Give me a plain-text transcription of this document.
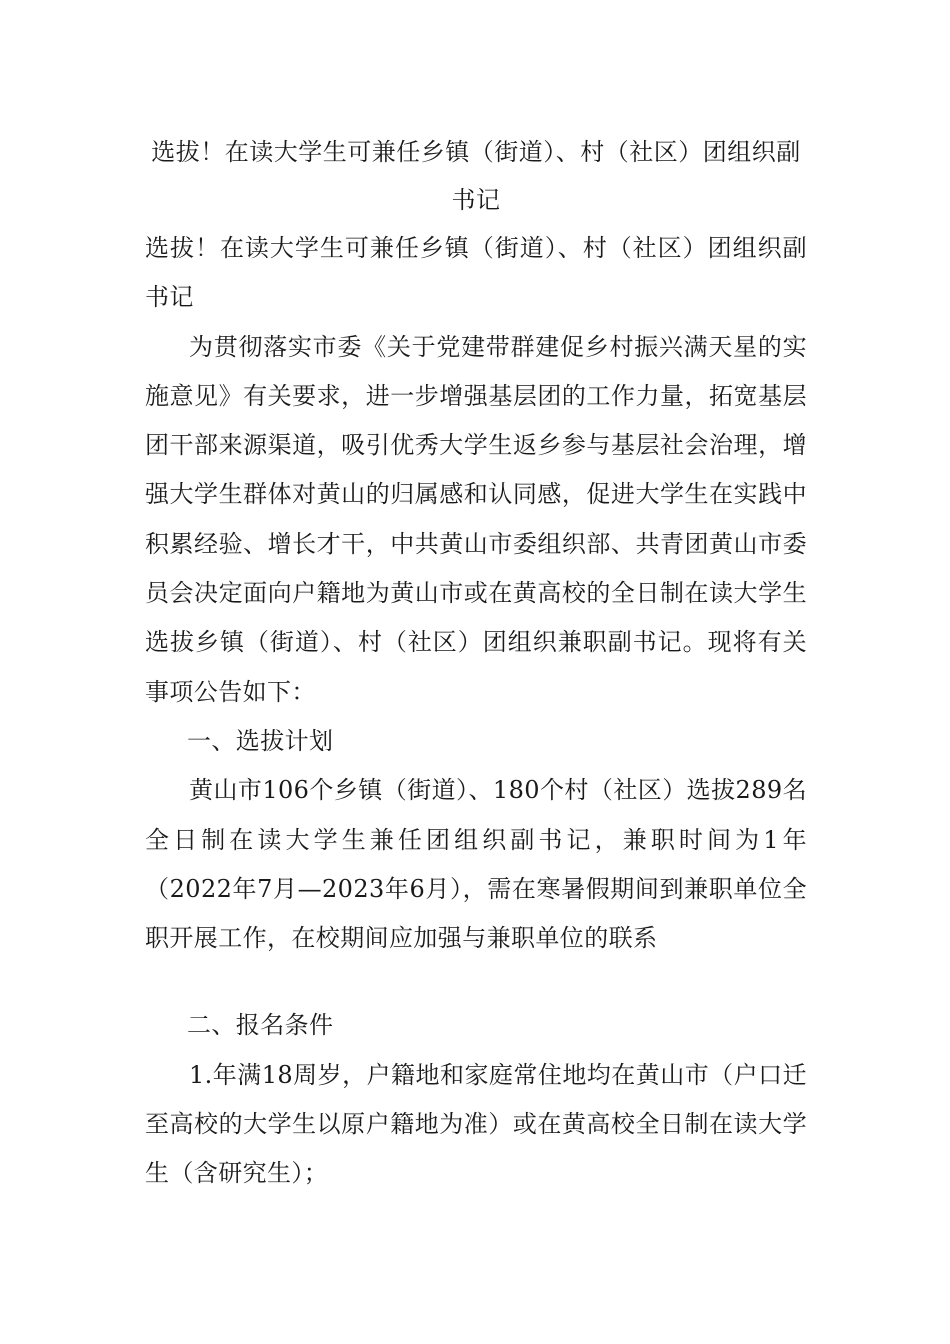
选拔！在读大学生可兼任乡镇（街道）、村（社区）团组织副书记

选拔！在读大学生可兼任乡镇（街道）、村（社区）团组织副书记

为贯彻落实市委《关于党建带群建促乡村振兴满天星的实施意见》有关要求，进一步增强基层团的工作力量，拓宽基层团干部来源渠道，吸引优秀大学生返乡参与基层社会治理，增强大学生群体对黄山的归属感和认同感，促进大学生在实践中积累经验、增长才干，中共黄山市委组织部、共青团黄山市委员会决定面向户籍地为黄山市或在黄高校的全日制在读大学生选拔乡镇（街道）、村（社区）团组织兼职副书记。现将有关事项公告如下：

一、选拔计划

黄山市106个乡镇（街道）、180个村（社区）选拔289名全日制在读大学生兼任团组织副书记，兼职时间为1年（2022年7月—2023年6月），需在寒暑假期间到兼职单位全职开展工作，在校期间应加强与兼职单位的联系

二、报名条件

1.年满18周岁，户籍地和家庭常住地均在黄山市（户口迁至高校的大学生以原户籍地为准）或在黄高校全日制在读大学生（含研究生）；
